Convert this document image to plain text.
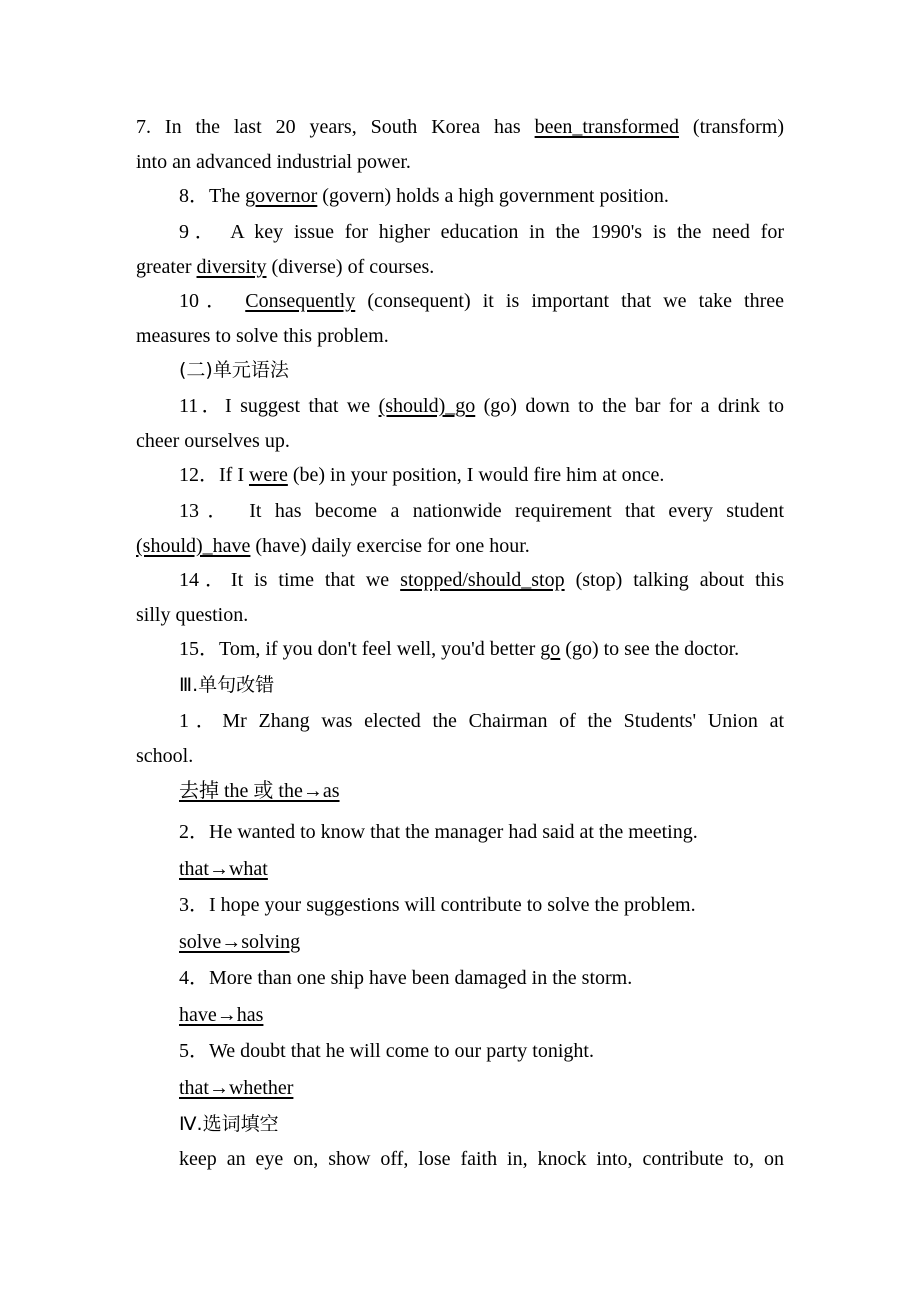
7. In the last 20 years, South Korea has been_transformed (transform)
into an advanced industrial power.
8．The governor (govern) holds a high government position.
9． A key issue for higher education in the 1990's is the need for
greater diversity (diverse) of courses.
10． Consequently (consequent) it is important that we take three
measures to solve this problem.
(二)单元语法
11．I suggest that we (should)_go (go) down to the bar for a drink to
cheer ourselves up.
12．If I were (be) in your position, I would fire him at once.
13． It has become a nationwide requirement that every student
(should)_have (have) daily exercise for one hour.
14．It is time that we stopped/should_stop (stop) talking about this
silly question.
15．Tom, if you don't feel well, you'd better go (go) to see the doctor.
Ⅲ.单句改错
1．Mr Zhang was elected the Chairman of the Students' Union at
school.
去掉 the 或 the→as
2．He wanted to know that the manager had said at the meeting.
that→what
3．I hope your suggestions will contribute to solve the problem.
solve→solving
4．More than one ship have been damaged in the storm.
have→has
5．We doubt that he will come to our party tonight.
that→whether
Ⅳ.选词填空
keep an eye on, show off, lose faith in, knock into, contribute to, on
